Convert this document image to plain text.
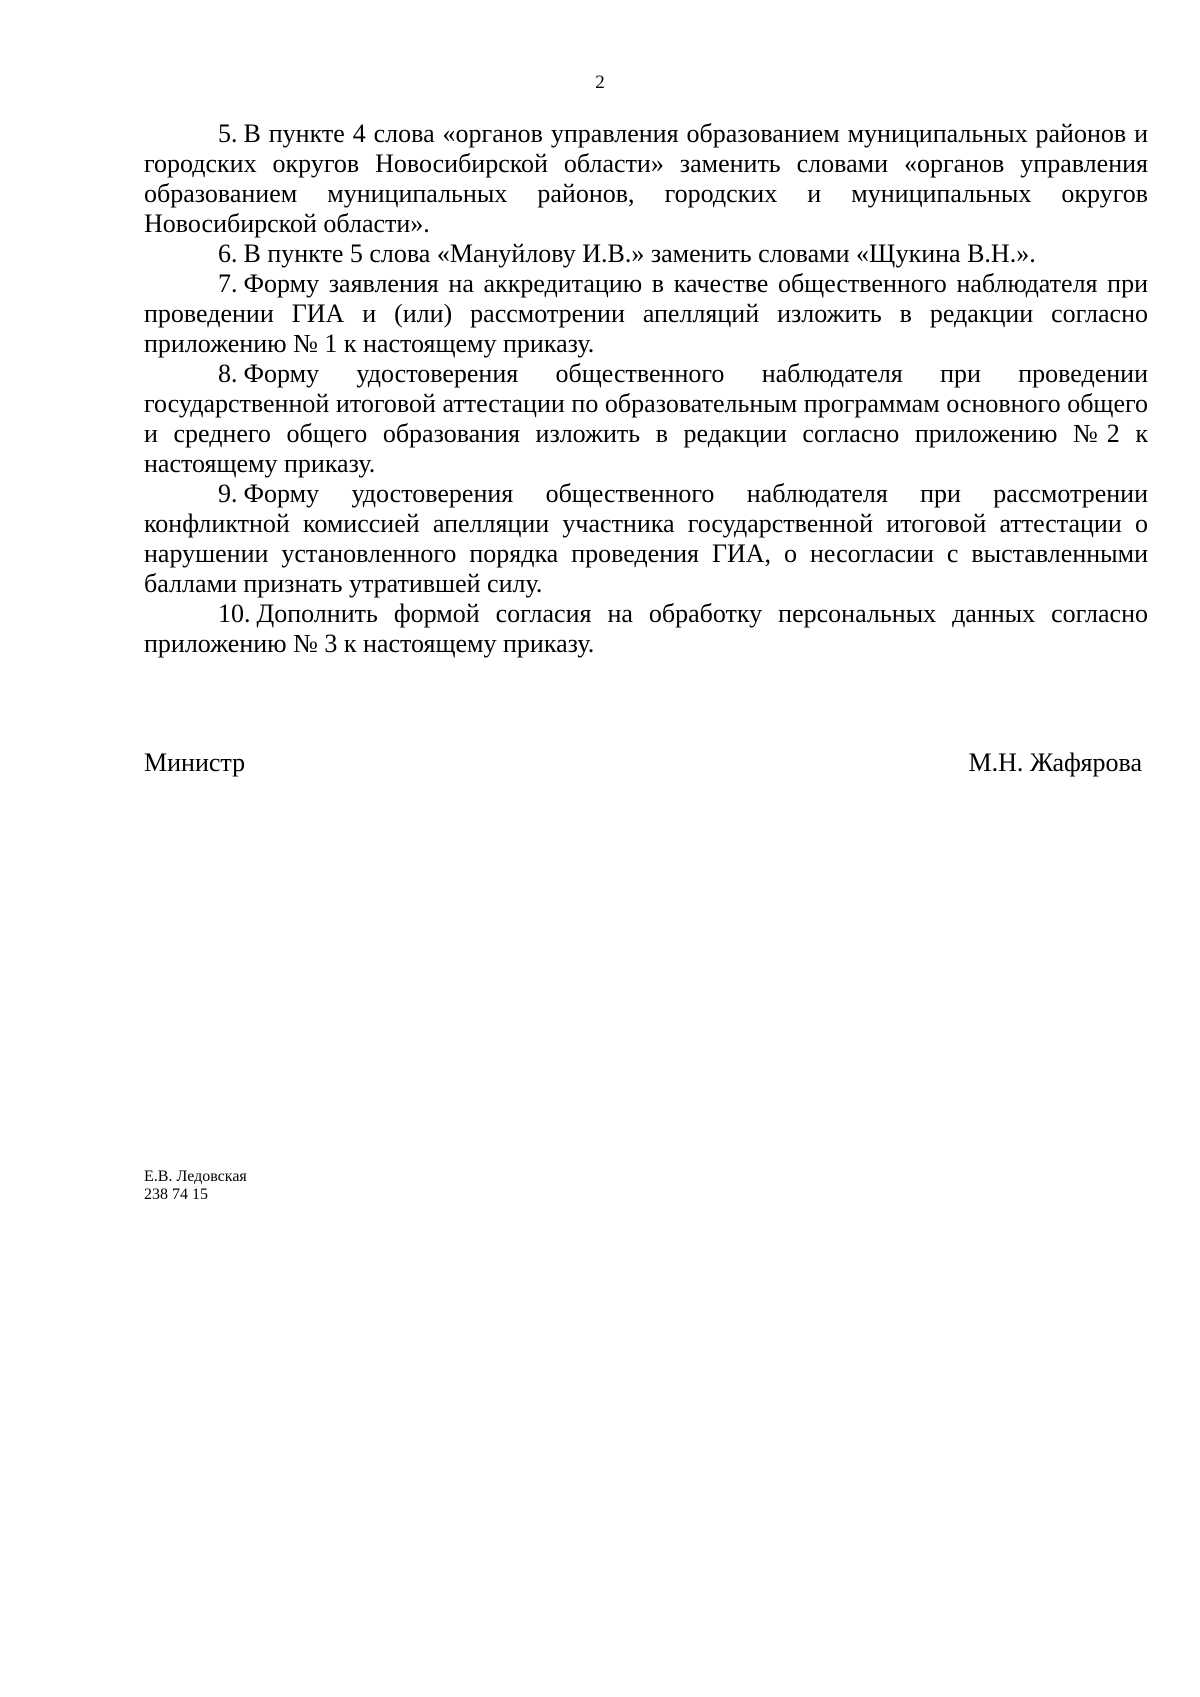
2

5. В пункте 4 слова «органов управления образованием муниципальных районов и городских округов Новосибирской области» заменить словами «органов управления образованием муниципальных районов, городских и муниципальных округов Новосибирской области».

6. В пункте 5 слова «Мануйлову И.В.» заменить словами «Щукина В.Н.».

7. Форму заявления на аккредитацию в качестве общественного наблюдателя при проведении ГИА и (или) рассмотрении апелляций изложить в редакции согласно приложению № 1 к настоящему приказу.

8. Форму удостоверения общественного наблюдателя при проведении государственной итоговой аттестации по образовательным программам основного общего и среднего общего образования изложить в редакции согласно приложению №2 к настоящему приказу.

9. Форму удостоверения общественного наблюдателя при рассмотрении конфликтной комиссией апелляции участника государственной итоговой аттестации о нарушении установленного порядка проведения ГИА, о несогласии с выставленными баллами признать утратившей силу.

10. Дополнить формой согласия на обработку персональных данных согласно приложению № 3 к настоящему приказу.

Министр	М.Н. Жафярова
Е.В. Ледовская
238 74 15
